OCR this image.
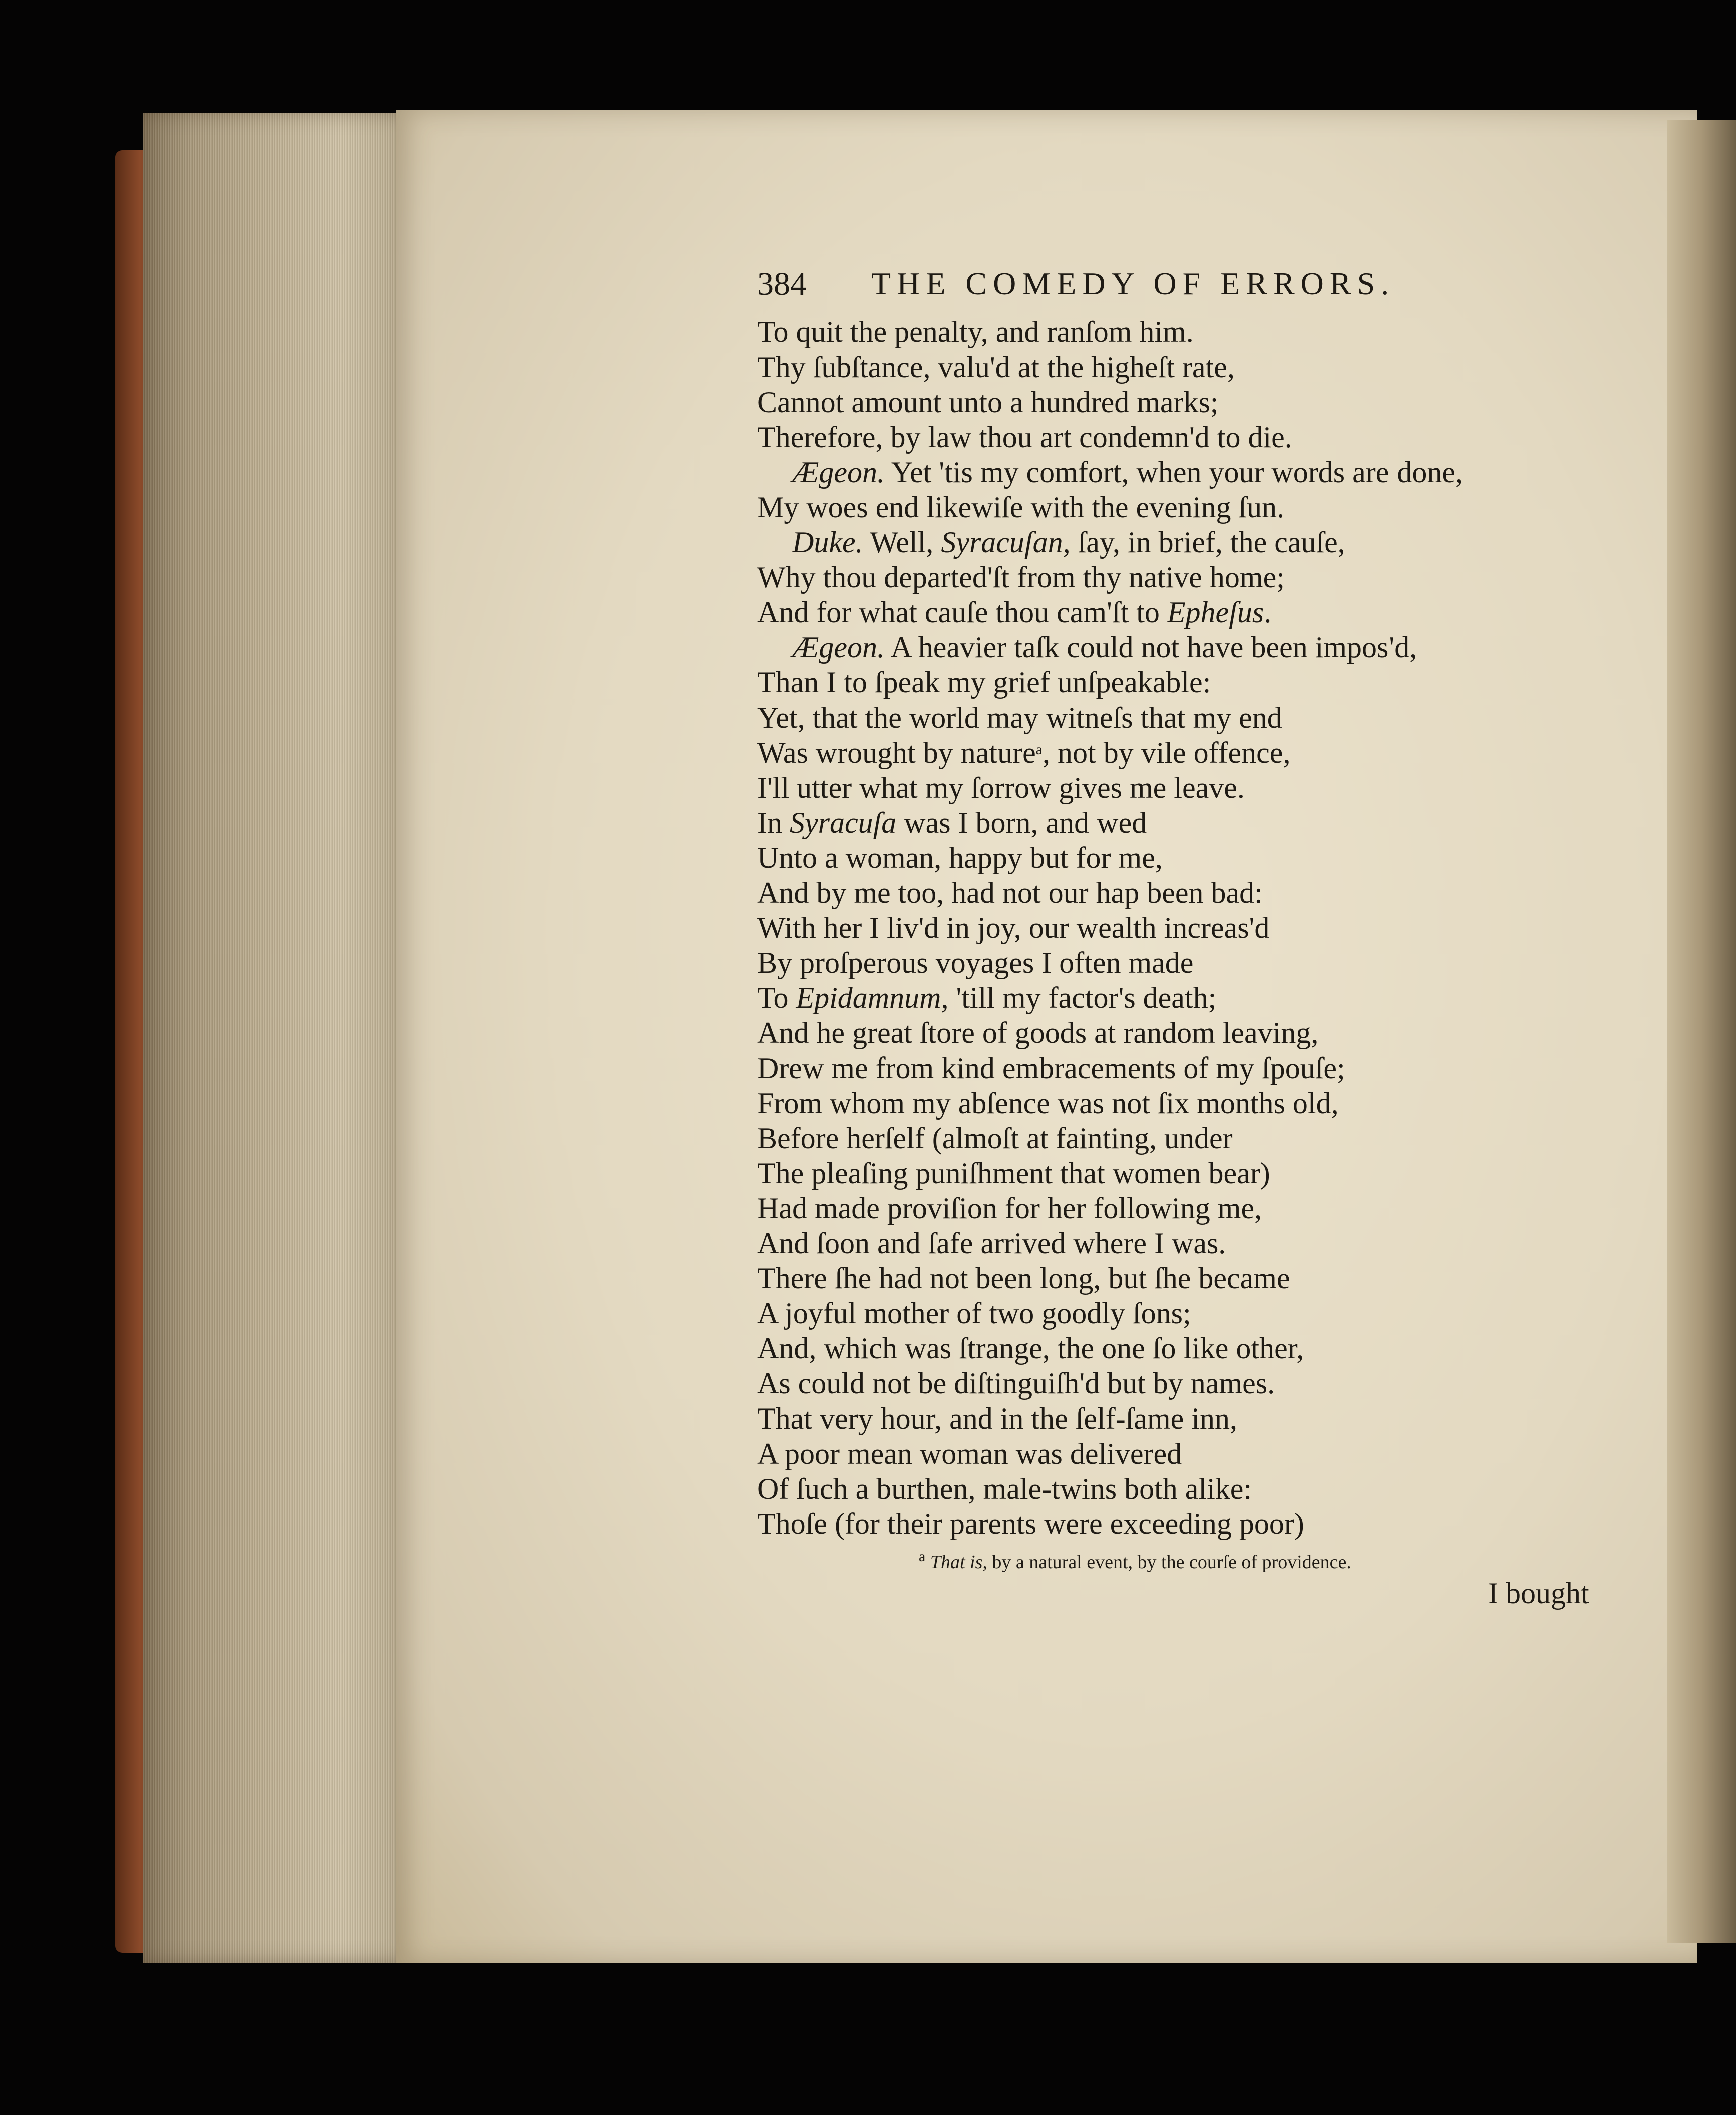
384 THE COMEDY OF ERRORS.
To quit the penalty, and ranſom him.
Thy ſubſtance, valu'd at the higheſt rate,
Cannot amount unto a hundred marks;
Therefore, by law thou art condemn'd to die.
Ægeon. Yet 'tis my comfort, when your words are done,
My woes end likewiſe with the evening ſun.
Duke. Well, Syracuſan, ſay, in brief, the cauſe,
Why thou departed'ſt from thy native home;
And for what cauſe thou cam'ſt to Epheſus.
Ægeon. A heavier taſk could not have been impos'd,
Than I to ſpeak my grief unſpeakable:
Yet, that the world may witneſs that my end
Was wrought by nature$^a$, not by vile offence,
I'll utter what my ſorrow gives me leave.
In Syracuſa was I born, and wed
Unto a woman, happy but for me,
And by me too, had not our hap been bad:
With her I liv'd in joy, our wealth increas'd
By proſperous voyages I often made
To Epidamnum, 'till my factor's death;
And he great ſtore of goods at random leaving,
Drew me from kind embracements of my ſpouſe;
From whom my abſence was not ſix months old,
Before herſelf (almoſt at fainting, under
The pleaſing puniſhment that women bear)
Had made proviſion for her following me,
And ſoon and ſafe arrived where I was.
There ſhe had not been long, but ſhe became
A joyful mother of two goodly ſons;
And, which was ſtrange, the one ſo like other,
As could not be diſtinguiſh'd but by names.
That very hour, and in the ſelf-ſame inn,
A poor mean woman was delivered
Of ſuch a burthen, male-twins both alike:
Thoſe (for their parents were exceeding poor)
$^a$ That is, by a natural event, by the courſe of providence.
I bought
